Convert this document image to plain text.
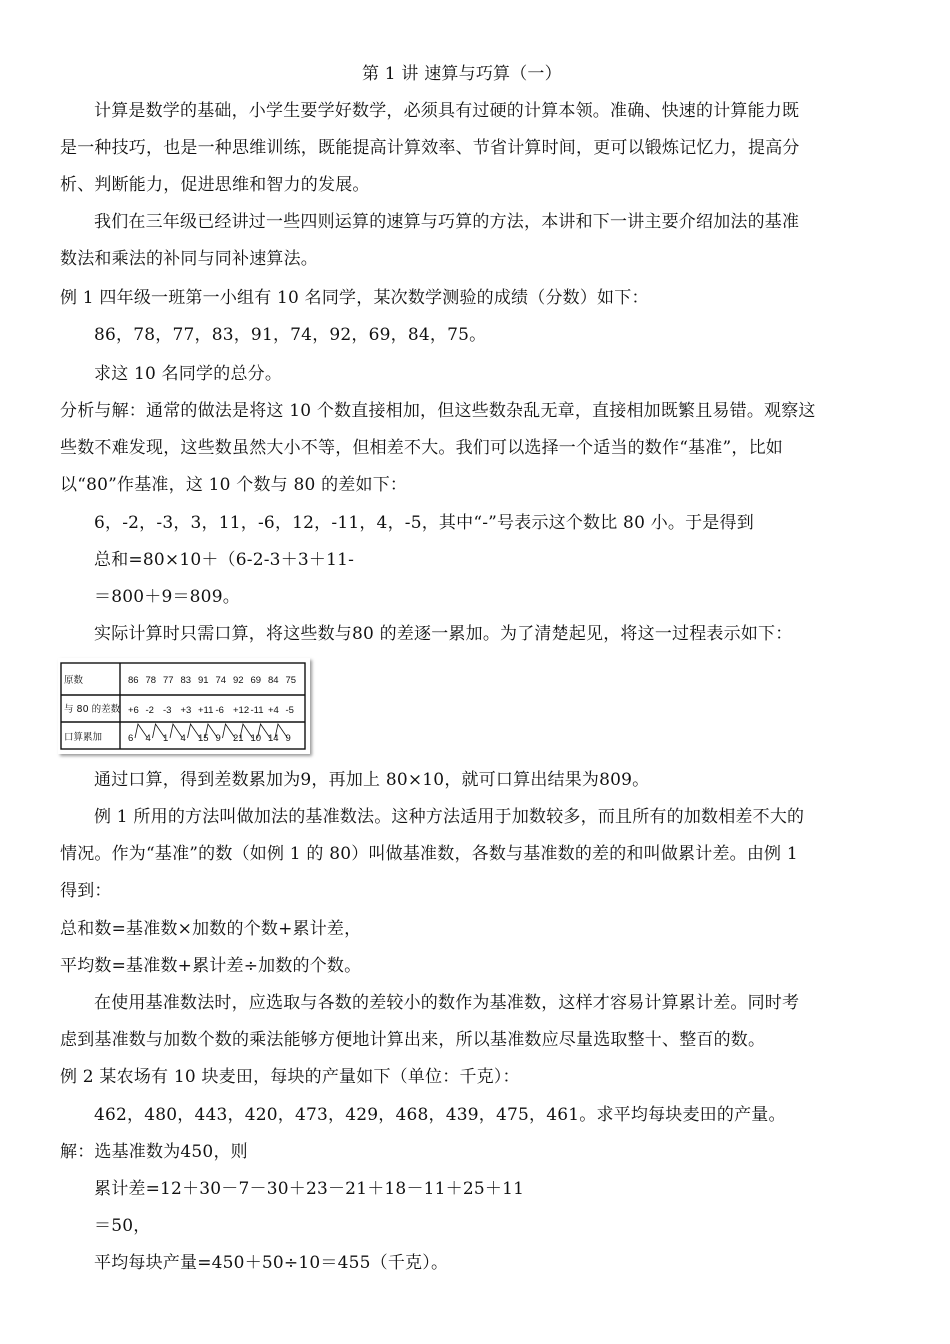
第 1 讲 速算与巧算（一）
计算是数学的基础，小学生要学好数学，必须具有过硬的计算本领。准确、快速的计算能力既
是一种技巧，也是一种思维训练，既能提高计算效率、节省计算时间，更可以锻炼记忆力，提高分
析、判断能力，促进思维和智力的发展。
我们在三年级已经讲过一些四则运算的速算与巧算的方法，本讲和下一讲主要介绍加法的基准
数法和乘法的补同与同补速算法。
例 1 四年级一班第一小组有 10 名同学，某次数学测验的成绩（分数）如下：
86，78，77，83，91，74，92，69，84，75。
求这 10 名同学的总分。
分析与解：通常的做法是将这 10 个数直接相加，但这些数杂乱无章，直接相加既繁且易错。观察这
些数不难发现，这些数虽然大小不等，但相差不大。我们可以选择一个适当的数作“基准”，比如
以“80”作基准，这 10 个数与 80 的差如下：
6，-2，-3，3，11，-6，12，-11，4，-5，其中“-”号表示这个数比 80 小。于是得到
总和=80×10＋（6-2-3＋3＋11-
＝800＋9＝809。
实际计算时只需口算，将这些数与80 的差逐一累加。为了清楚起见，将这一过程表示如下：
原数
与 80 的差数
口算累加
86 78 77 83 91 74 92 69 84 75
+6 -2 -3 +3 +11 -6 +12 -11 +4 -5
6 4 1 4 15 9 21 10 14 9
通过口算，得到差数累加为9，再加上 80×10，就可口算出结果为809。
例 1 所用的方法叫做加法的基准数法。这种方法适用于加数较多，而且所有的加数相差不大的
情况。作为“基准”的数（如例 1 的 80）叫做基准数，各数与基准数的差的和叫做累计差。由例 1
得到：
总和数=基准数×加数的个数+累计差，
平均数=基准数+累计差÷加数的个数。
在使用基准数法时，应选取与各数的差较小的数作为基准数，这样才容易计算累计差。同时考
虑到基准数与加数个数的乘法能够方便地计算出来，所以基准数应尽量选取整十、整百的数。
例 2 某农场有 10 块麦田，每块的产量如下（单位：千克）：
462，480，443，420，473，429，468，439，475，461。求平均每块麦田的产量。
解：选基准数为450，则
累计差=12＋30－7－30＋23－21＋18－11＋25＋11
＝50，
平均每块产量=450＋50÷10＝455（千克）。
